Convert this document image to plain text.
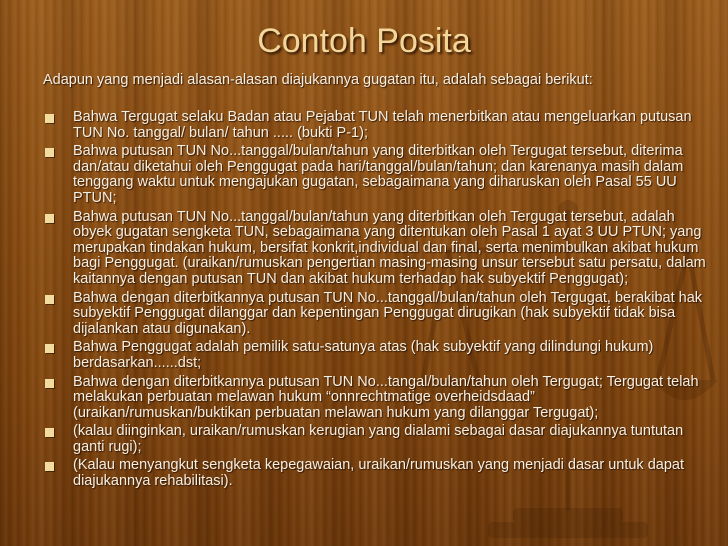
Contoh Posita
Adapun yang menjadi alasan-alasan diajukannya gugatan itu, adalah sebagai berikut:
Bahwa Tergugat selaku Badan atau Pejabat TUN telah menerbitkan atau mengeluarkan putusan TUN No. tanggal/ bulan/ tahun ..... (bukti P-1);
Bahwa putusan TUN No...tanggal/bulan/tahun yang diterbitkan oleh Tergugat tersebut, diterima dan/atau diketahui oleh Penggugat pada hari/tanggal/bulan/tahun; dan karenanya masih dalam tenggang waktu untuk mengajukan gugatan, sebagaimana yang diharuskan oleh Pasal 55 UU PTUN;
Bahwa putusan TUN No...tanggal/bulan/tahun yang diterbitkan oleh Tergugat tersebut, adalah obyek gugatan sengketa TUN, sebagaimana yang ditentukan oleh Pasal 1 ayat 3 UU PTUN; yang merupakan tindakan hukum, bersifat konkrit,individual dan final, serta menimbulkan akibat hukum bagi Penggugat. (uraikan/rumuskan pengertian masing-masing unsur tersebut satu persatu, dalam kaitannya dengan putusan TUN dan akibat hukum terhadap hak subyektif Penggugat);
Bahwa dengan diterbitkannya putusan TUN No...tanggal/bulan/tahun oleh Tergugat, berakibat hak subyektif Penggugat dilanggar dan kepentingan Penggugat dirugikan (hak subyektif tidak bisa dijalankan atau digunakan).
Bahwa Penggugat adalah pemilik satu-satunya atas (hak subyektif yang dilindungi hukum) berdasarkan......dst;
Bahwa dengan diterbitkannya putusan TUN No...tangal/bulan/tahun oleh Tergugat; Tergugat telah melakukan perbuatan melawan hukum “onnrechtmatige overheidsdaad” (uraikan/rumuskan/buktikan perbuatan melawan hukum yang dilanggar Tergugat);
(kalau diinginkan, uraikan/rumuskan kerugian yang dialami sebagai dasar diajukannya tuntutan ganti rugi);
(Kalau menyangkut sengketa kepegawaian, uraikan/rumuskan yang menjadi dasar untuk dapat diajukannya rehabilitasi).
